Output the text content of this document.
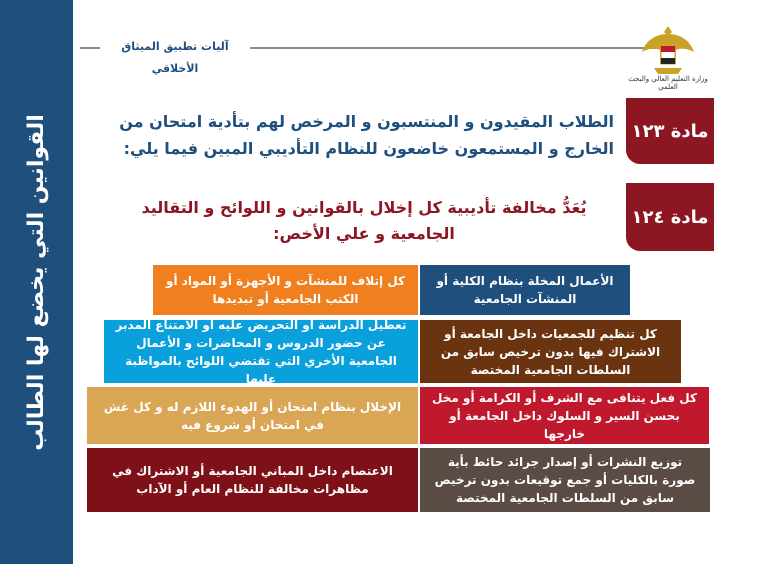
القوانين التي يخضع لها الطالب
آليات تطبيق الميثاق الأخلاقي
وزارة التعليم العالي والبحث العلمي
مادة ١٢٣
الطلاب المقيدون و المنتسبون و المرخص لهم بتأدية امتحان من الخارج و المستمعون خاضعون للنظام التأديبي المبين فيما يلي:
مادة ١٢٤
يُعَدُّ مخالفة تأديبية كل إخلال بالقوانين و اللوائح و التقاليد الجامعية و علي الأخص:
الأعمال المخلة بنظام الكلية أو المنشآت الجامعية
كل إتلاف للمنشآت و الأجهزة أو المواد أو الكتب الجامعية أو تبديدها
كل تنظيم للجمعيات داخل الجامعة أو الاشتراك فيها بدون ترخيص سابق من السلطات الجامعية المختصة
تعطيل الدراسة أو التحريض عليه أو الامتناع المدبر عن حضور الدروس و المحاضرات و الأعمال الجامعية الأخري التي تقتضي اللوائح بالمواظبة عليها
كل فعل يتنافى مع الشرف أو الكرامة أو مخل بحسن السير و السلوك داخل الجامعة أو خارجها
الإخلال بنظام امتحان أو الهدوء اللازم له و كل غش في امتحان أو شروع فيه
توزيع النشرات أو إصدار جرائد حائط بأية صورة بالكليات أو جمع توقيعات بدون ترخيص سابق من السلطات الجامعية المختصة
الاعتصام داخل المباني الجامعية أو الاشتراك في مظاهرات مخالفة للنظام العام أو الآداب
